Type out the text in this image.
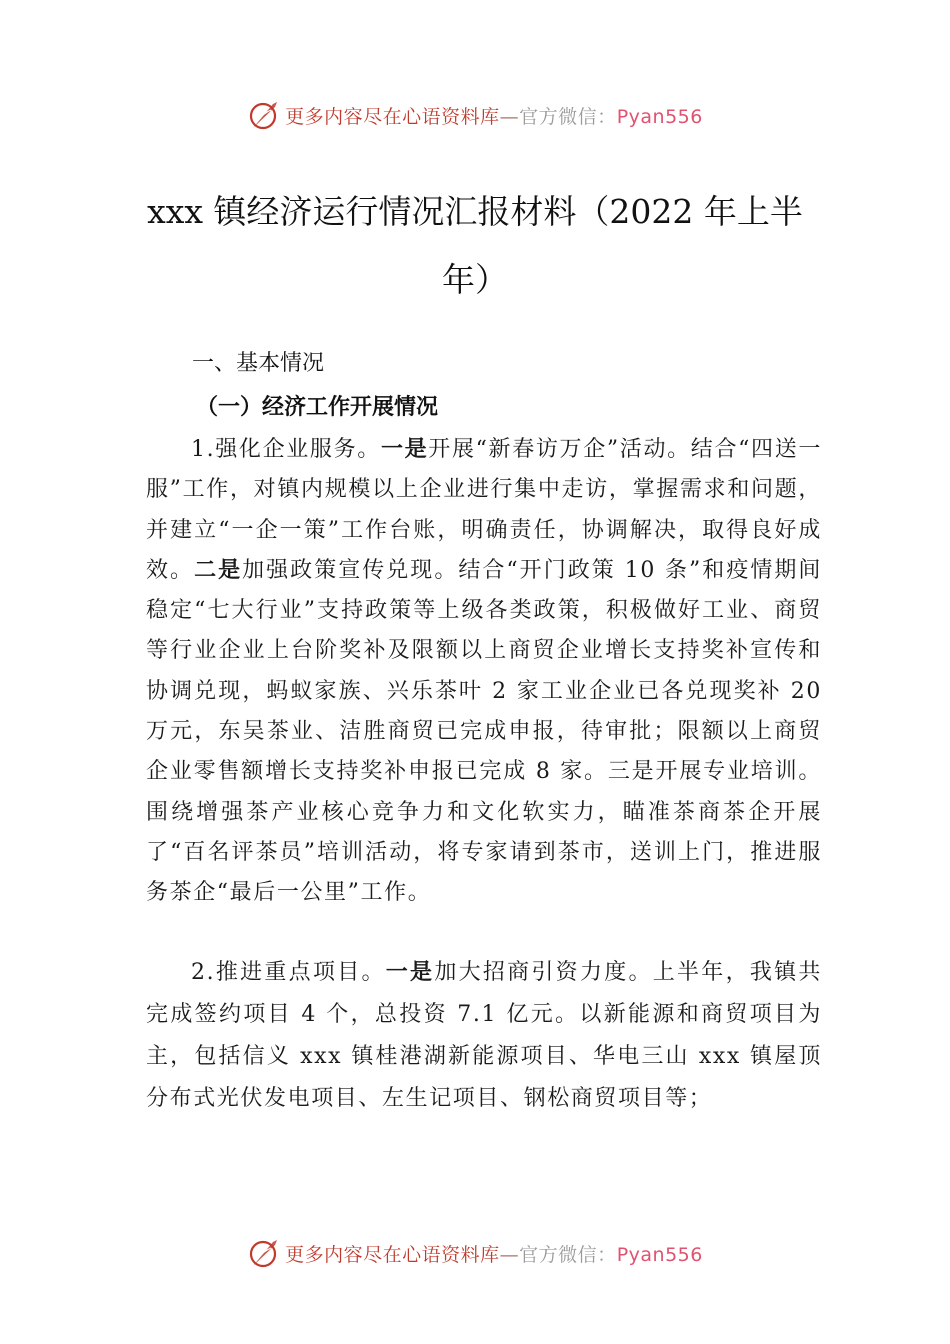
更多内容尽在心语资料库—官方微信：Pyan556
xxx 镇经济运行情况汇报材料（2022 年上半年）
一、基本情况
（一）经济工作开展情况

1.强化企业服务。一是开展“新春访万企”活动。结合“四送一服”工作，对镇内规模以上企业进行集中走访，掌握需求和问题，并建立“一企一策”工作台账，明确责任，协调解决，取得良好成效。二是加强政策宣传兑现。结合“开门政策 10 条”和疫情期间稳定“七大行业”支持政策等上级各类政策，积极做好工业、商贸等行业企业上台阶奖补及限额以上商贸企业增长支持奖补宣传和协调兑现，蚂蚁家族、兴乐茶叶 2 家工业企业已各兑现奖补 20 万元，东吴茶业、洁胜商贸已完成申报，待审批；限额以上商贸企业零售额增长支持奖补申报已完成 8 家。三是开展专业培训。围绕增强茶产业核心竞争力和文化软实力，瞄准茶商茶企开展了“百名评茶员”培训活动，将专家请到茶市，送训上门，推进服务茶企“最后一公里”工作。

2.推进重点项目。一是加大招商引资力度。上半年，我镇共完成签约项目 4 个，总投资 7.1 亿元。以新能源和商贸项目为主，包括信义 xxx 镇桂港湖新能源项目、华电三山 xxx 镇屋顶分布式光伏发电项目、左生记项目、钢松商贸项目等；

更多内容尽在心语资料库—官方微信：Pyan556
